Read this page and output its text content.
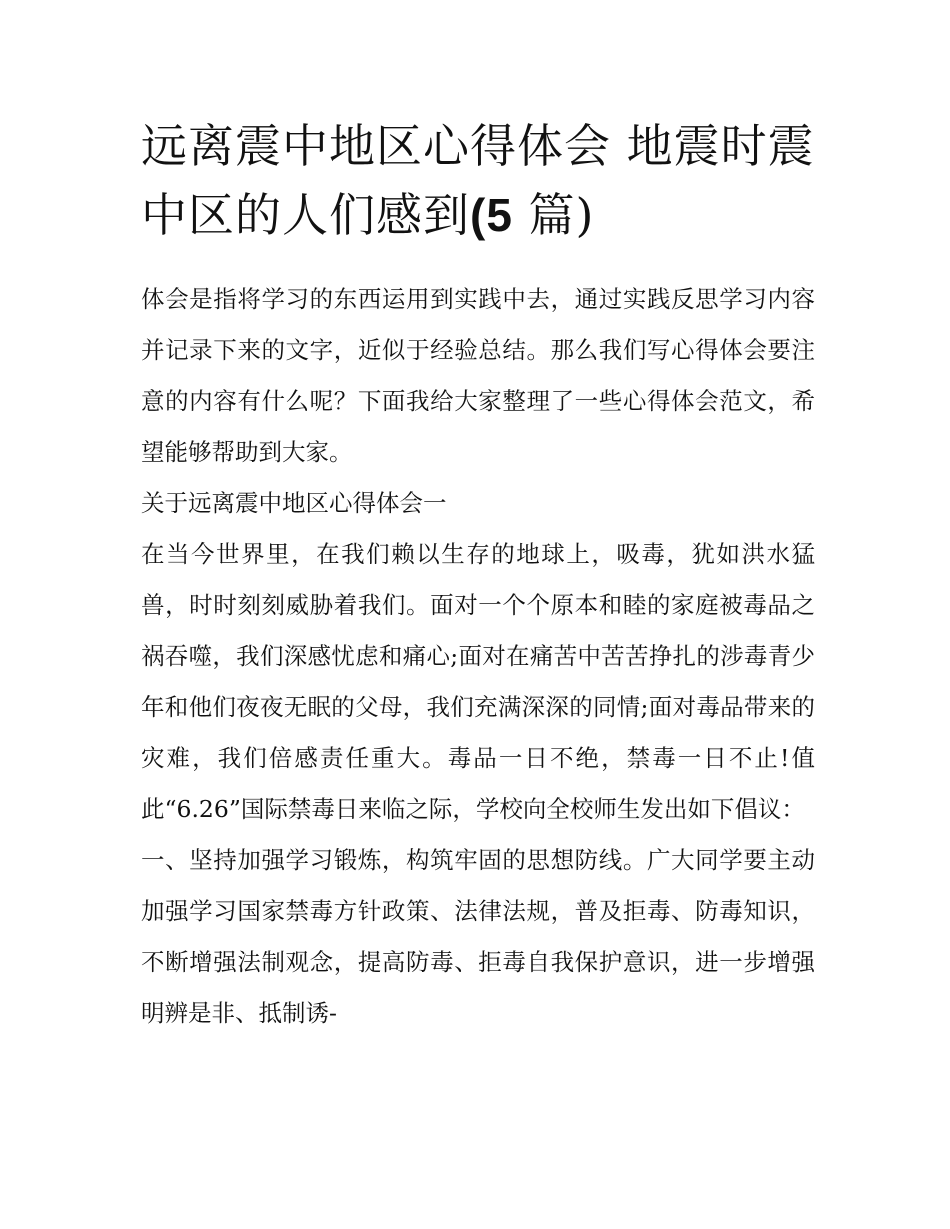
远离震中地区心得体会 地震时震中区的人们感到(5 篇)

体会是指将学习的东西运用到实践中去，通过实践反思学习内容并记录下来的文字，近似于经验总结。那么我们写心得体会要注意的内容有什么呢？下面我给大家整理了一些心得体会范文，希望能够帮助到大家。

关于远离震中地区心得体会一

在当今世界里，在我们赖以生存的地球上，吸毒，犹如洪水猛兽，时时刻刻威胁着我们。面对一个个原本和睦的家庭被毒品之祸吞噬，我们深感忧虑和痛心;面对在痛苦中苦苦挣扎的涉毒青少年和他们夜夜无眠的父母，我们充满深深的同情;面对毒品带来的灾难，我们倍感责任重大。毒品一日不绝，禁毒一日不止!值此“6.26”国际禁毒日来临之际，学校向全校师生发出如下倡议：

一、坚持加强学习锻炼，构筑牢固的思想防线。广大同学要主动加强学习国家禁毒方针政策、法律法规，普及拒毒、防毒知识，不断增强法制观念，提高防毒、拒毒自我保护意识，进一步增强明辨是非、抵制诱-
